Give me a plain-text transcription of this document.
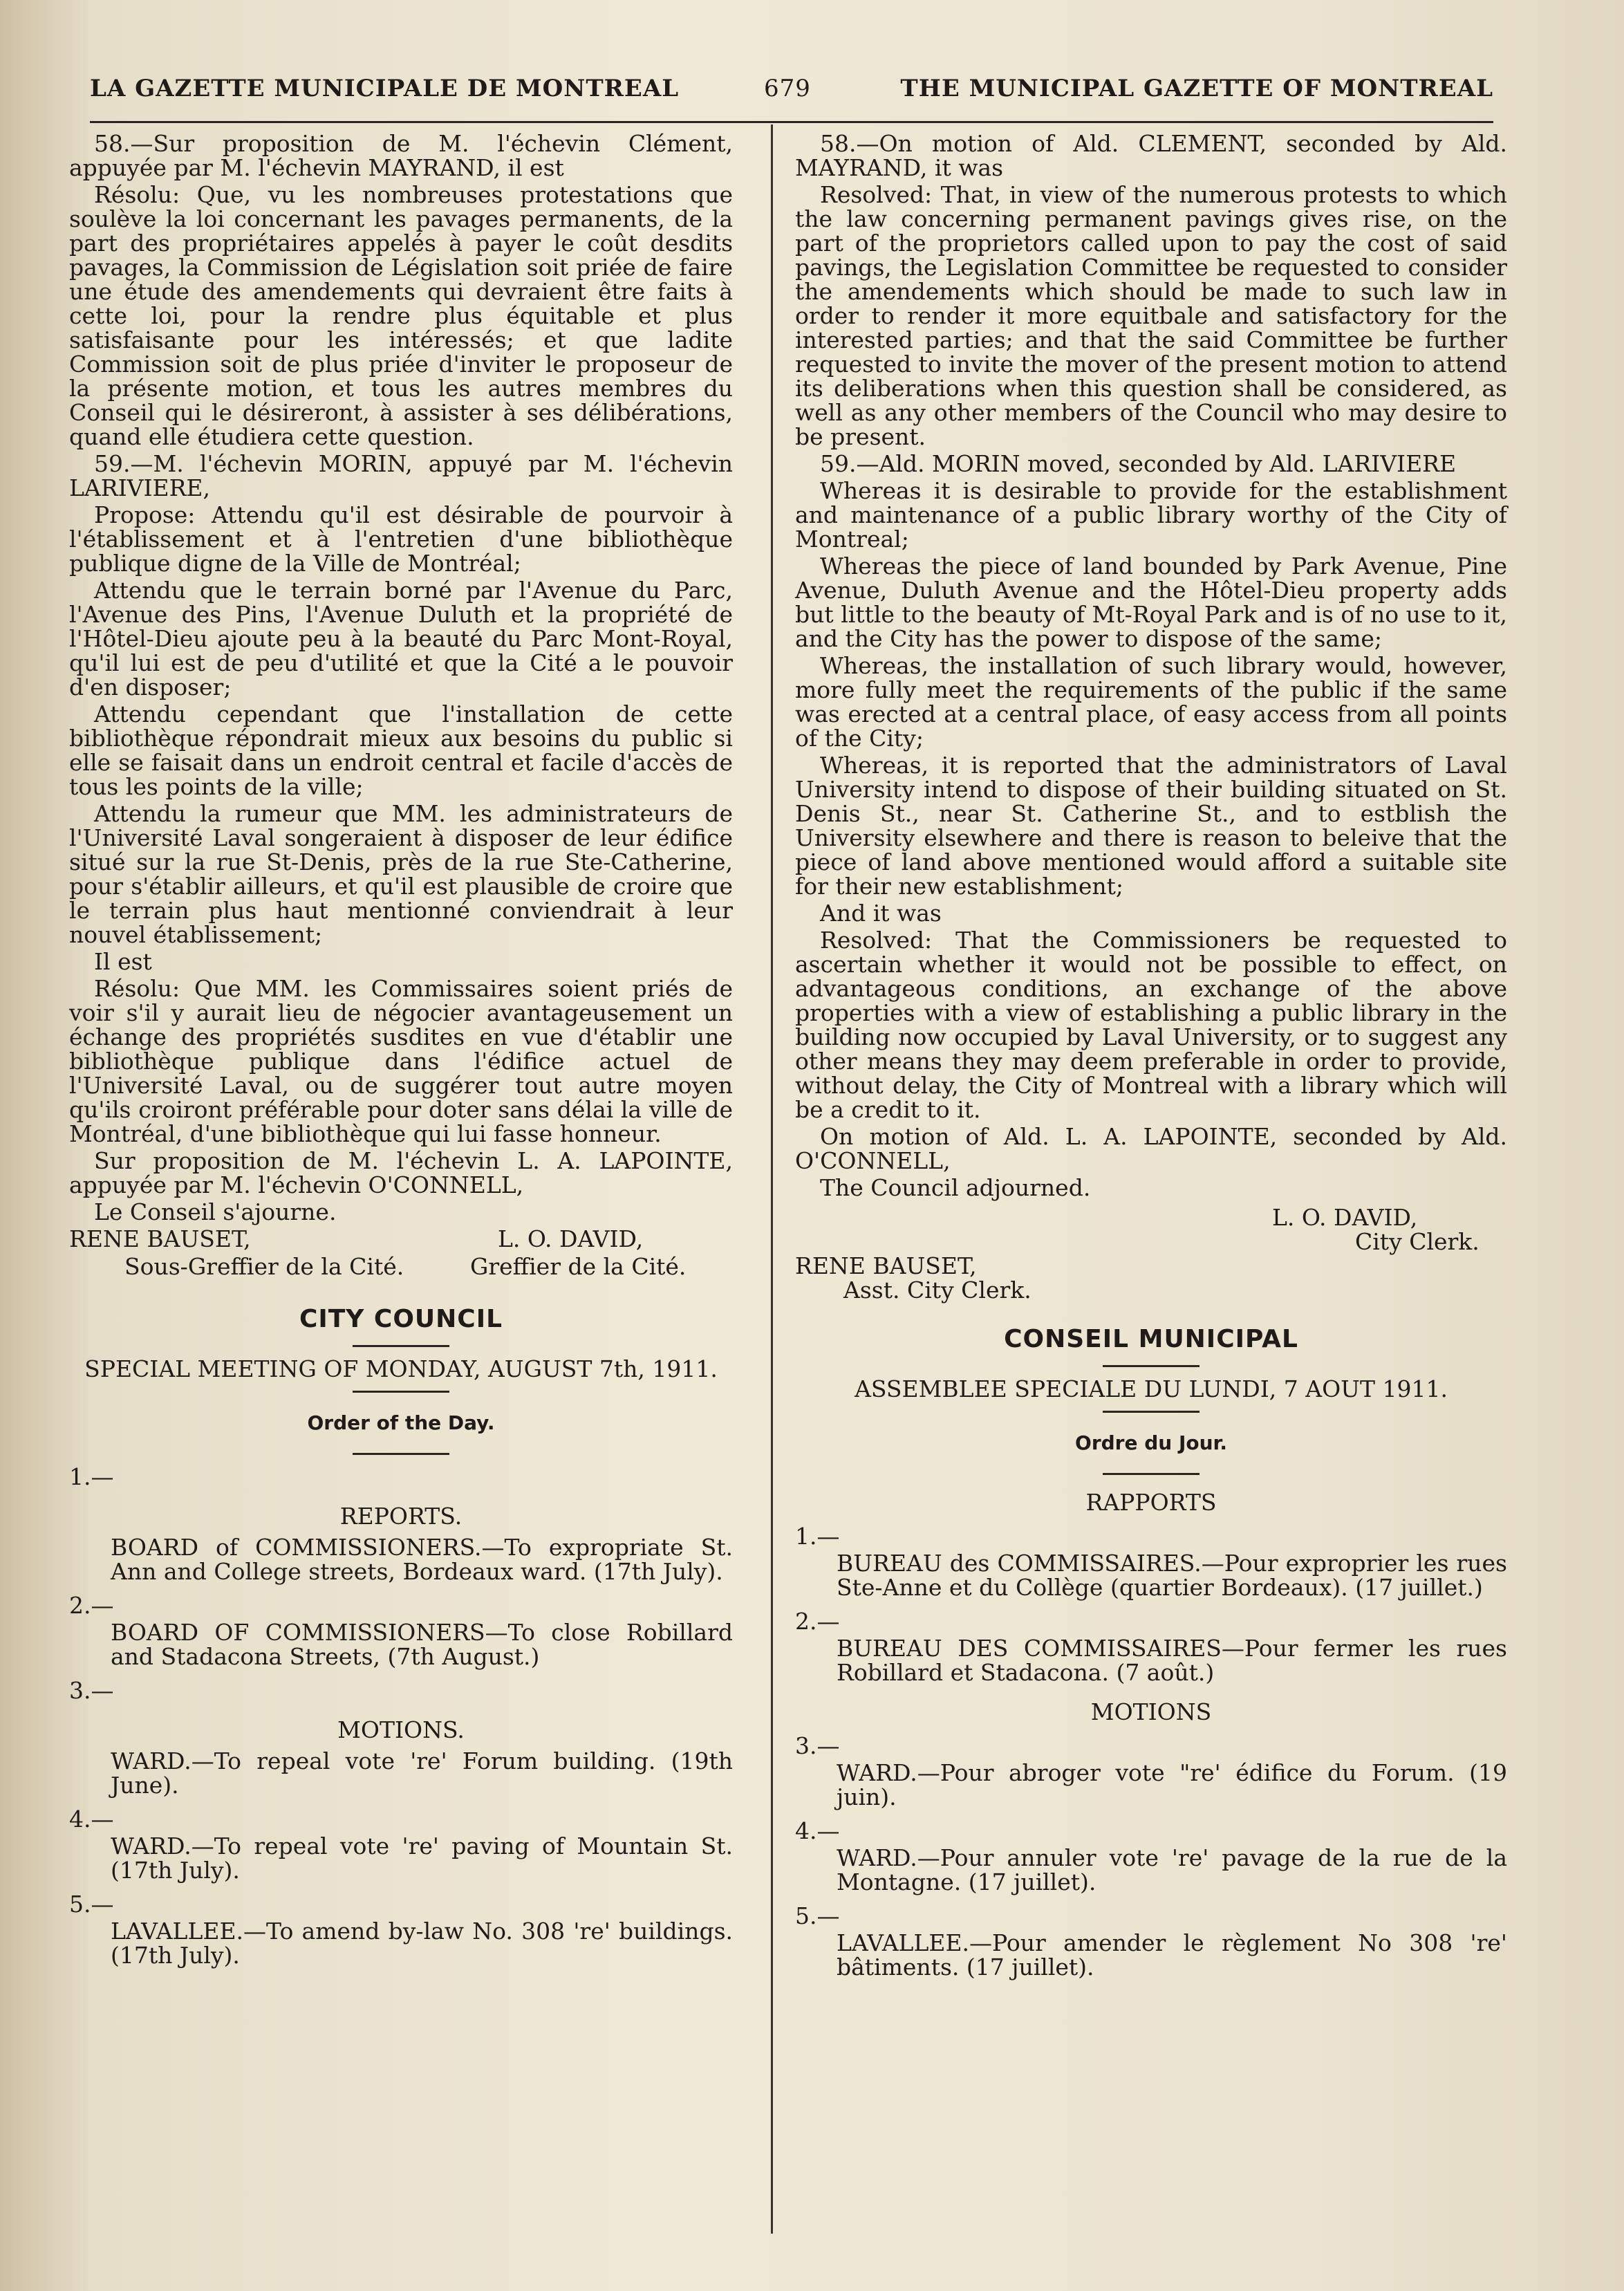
LA GAZETTE MUNICIPALE DE MONTREAL	679	THE MUNICIPAL GAZETTE OF MONTREAL

58.—Sur proposition de M. l'échevin Clément, appuyée par M. l'échevin MAYRAND, il est

Résolu: Que, vu les nombreuses protestations que soulève la loi concernant les pavages permanents, de la part des propriétaires appelés à payer le coût desdits pavages, la Commission de Législation soit priée de faire une étude des amendements qui devraient être faits à cette loi, pour la rendre plus équitable et plus satisfaisante pour les intéressés; et que ladite Commission soit de plus priée d'inviter le proposeur de la présente motion, et tous les autres membres du Conseil qui le désireront, à assister à ses délibérations, quand elle étudiera cette question.

59.—M. l'échevin MORIN, appuyé par M. l'échevin LARIVIERE,

Propose: Attendu qu'il est désirable de pourvoir à l'établissement et à l'entretien d'une bibliothèque publique digne de la Ville de Montréal;

Attendu que le terrain borné par l'Avenue du Parc, l'Avenue des Pins, l'Avenue Duluth et la propriété de l'Hôtel-Dieu ajoute peu à la beauté du Parc Mont-Royal, qu'il lui est de peu d'utilité et que la Cité a le pouvoir d'en disposer;

Attendu cependant que l'installation de cette bibliothèque répondrait mieux aux besoins du public si elle se faisait dans un endroit central et facile d'accès de tous les points de la ville;

Attendu la rumeur que MM. les administrateurs de l'Université Laval songeraient à disposer de leur édifice situé sur la rue St-Denis, près de la rue Ste-Catherine, pour s'établir ailleurs, et qu'il est plausible de croire que le terrain plus haut mentionné conviendrait à leur nouvel établissement;

Il est

Résolu: Que MM. les Commissaires soient priés de voir s'il y aurait lieu de négocier avantageusement un échange des propriétés susdites en vue d'établir une bibliothèque publique dans l'édifice actuel de l'Université Laval, ou de suggérer tout autre moyen qu'ils croiront préférable pour doter sans délai la ville de Montréal, d'une bibliothèque qui lui fasse honneur.

Sur proposition de M. l'échevin L. A. LAPOINTE, appuyée par M. l'échevin O'CONNELL,

Le Conseil s'ajourne.

RENE BAUSET,	L. O. DAVID,
Sous-Greffier de la Cité.	Greffier de la Cité.
CITY COUNCIL

SPECIAL MEETING OF MONDAY, AUGUST 7th, 1911.

Order of the Day.

1.—

REPORTS.

BOARD of COMMISSIONERS.—To expropriate St. Ann and College streets, Bordeaux ward. (17th July).

2.—

BOARD OF COMMISSIONERS—To close Robillard and Stadacona Streets, (7th August.)

3.—

MOTIONS.

WARD.—To repeal vote 're' Forum building. (19th June).

4.—

WARD.—To repeal vote 're' paving of Mountain St. (17th July).

5.—

LAVALLEE.—To amend by-law No. 308 're' buildings. (17th July).

58.—On motion of Ald. CLEMENT, seconded by Ald. MAYRAND, it was

Resolved: That, in view of the numerous protests to which the law concerning permanent pavings gives rise, on the part of the proprietors called upon to pay the cost of said pavings, the Legislation Committee be requested to consider the amendements which should be made to such law in order to render it more equitbale and satisfactory for the interested parties; and that the said Committee be further requested to invite the mover of the present motion to attend its deliberations when this question shall be considered, as well as any other members of the Council who may desire to be present.

59.—Ald. MORIN moved, seconded by Ald. LARIVIERE

Whereas it is desirable to provide for the establishment and maintenance of a public library worthy of the City of Montreal;

Whereas the piece of land bounded by Park Avenue, Pine Avenue, Duluth Avenue and the Hôtel-Dieu property adds but little to the beauty of Mt-Royal Park and is of no use to it, and the City has the power to dispose of the same;

Whereas, the installation of such library would, however, more fully meet the requirements of the public if the same was erected at a central place, of easy access from all points of the City;

Whereas, it is reported that the administrators of Laval University intend to dispose of their building situated on St. Denis St., near St. Catherine St., and to estblish the University elsewhere and there is reason to beleive that the piece of land above mentioned would afford a suitable site for their new establishment;

And it was

Resolved: That the Commissioners be requested to ascertain whether it would not be possible to effect, on advantageous conditions, an exchange of the above properties with a view of establishing a public library in the building now occupied by Laval University, or to suggest any other means they may deem preferable in order to provide, without delay, the City of Montreal with a library which will be a credit to it.

On motion of Ald. L. A. LAPOINTE, seconded by Ald. O'CONNELL,

The Council adjourned.

L. O. DAVID,

City Clerk.

RENE BAUSET,

Asst. City Clerk.

CONSEIL MUNICIPAL

ASSEMBLEE SPECIALE DU LUNDI, 7 AOUT 1911.

Ordre du Jour.

RAPPORTS

1.—

BUREAU des COMMISSAIRES.—Pour exproprier les rues Ste-Anne et du Collège (quartier Bordeaux). (17 juillet.)

2.—

BUREAU DES COMMISSAIRES—Pour fermer les rues Robillard et Stadacona. (7 août.)

MOTIONS

3.—

WARD.—Pour abroger vote "re' édifice du Forum. (19 juin).

4.—

WARD.—Pour annuler vote 're' pavage de la rue de la Montagne. (17 juillet).

5.—

LAVALLEE.—Pour amender le règlement No 308 're' bâtiments. (17 juillet).
